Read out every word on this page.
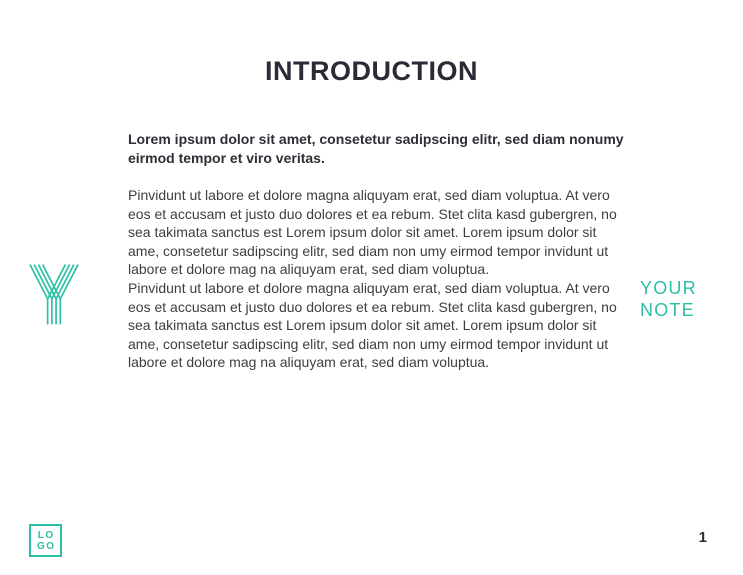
INTRODUCTION

Lorem ipsum dolor sit amet, consetetur sadipscing elitr, sed diam nonumy eirmod tempor et viro veritas.

Pinvidunt ut labore et dolore magna aliquyam erat, sed diam voluptua. At vero eos et accusam et justo duo dolores et ea rebum. Stet clita kasd gubergren, no sea takimata sanctus est Lorem ipsum dolor sit amet. Lorem ipsum dolor sit ame, consetetur sadipscing elitr, sed diam non umy eirmod tempor invidunt ut labore et dolore mag na aliquyam erat, sed diam voluptua.

Pinvidunt ut labore et dolore magna aliquyam erat, sed diam voluptua. At vero eos et accusam et justo duo dolores et ea rebum. Stet clita kasd gubergren, no sea takimata sanctus est Lorem ipsum dolor sit amet. Lorem ipsum dolor sit ame, consetetur sadipscing elitr, sed diam non umy eirmod tempor invidunt ut labore et dolore mag na aliquyam erat, sed diam voluptua.

YOUR
NOTE
LO
GO	1
